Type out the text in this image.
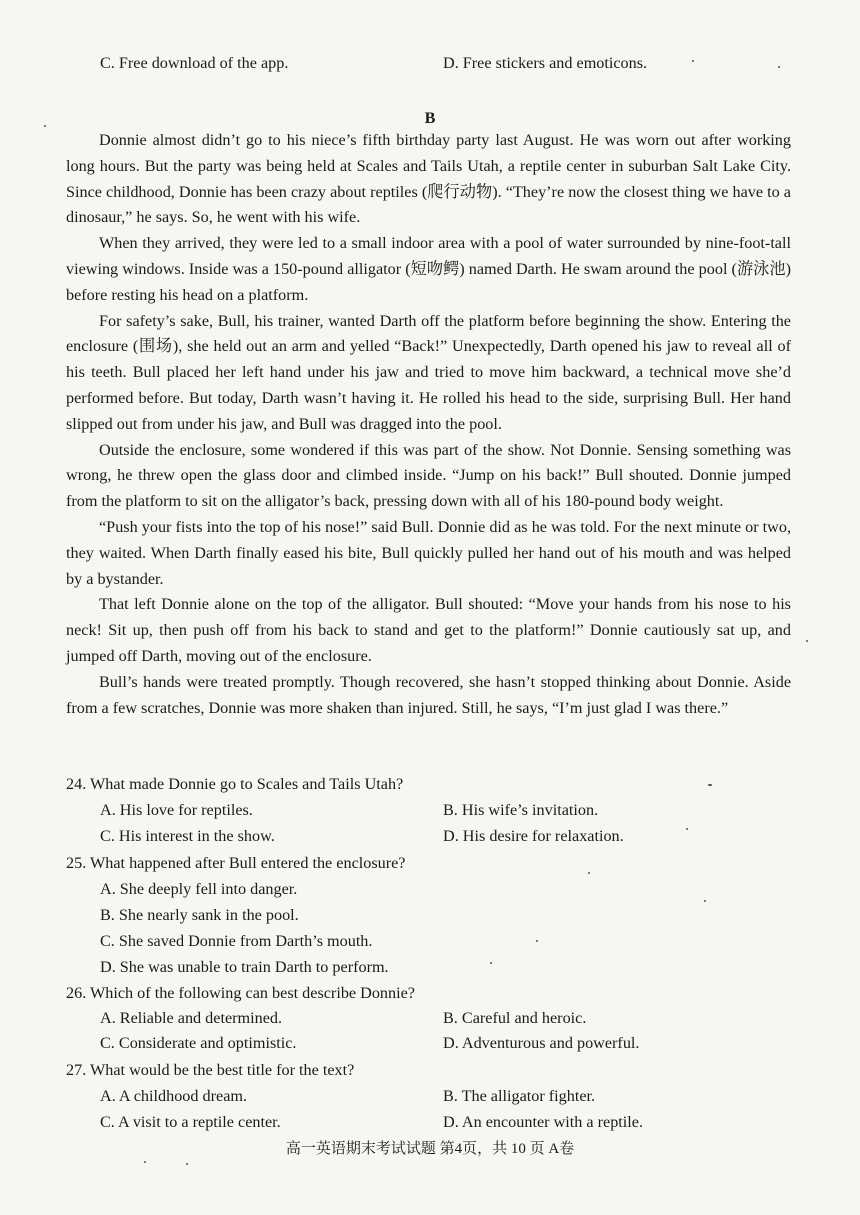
C. Free download of the app.	D. Free stickers and emoticons.
B

Donnie almost didn’t go to his niece’s fifth birthday party last August. He was worn out after working long hours. But the party was being held at Scales and Tails Utah, a reptile center in suburban Salt Lake City. Since childhood, Donnie has been crazy about reptiles (爬行动物). “They’re now the closest thing we have to a dinosaur,” he says. So, he went with his wife.

When they arrived, they were led to a small indoor area with a pool of water surrounded by nine-foot-tall viewing windows. Inside was a 150-pound alligator (短吻鳄) named Darth. He swam around the pool (游泳池) before resting his head on a platform.

For safety’s sake, Bull, his trainer, wanted Darth off the platform before beginning the show. Entering the enclosure (围场), she held out an arm and yelled “Back!” Unexpectedly, Darth opened his jaw to reveal all of his teeth. Bull placed her left hand under his jaw and tried to move him backward, a technical move she’d performed before. But today, Darth wasn’t having it. He rolled his head to the side, surprising Bull. Her hand slipped out from under his jaw, and Bull was dragged into the pool.

Outside the enclosure, some wondered if this was part of the show. Not Donnie. Sensing something was wrong, he threw open the glass door and climbed inside. “Jump on his back!” Bull shouted. Donnie jumped from the platform to sit on the alligator’s back, pressing down with all of his 180-pound body weight.

“Push your fists into the top of his nose!” said Bull. Donnie did as he was told. For the next minute or two, they waited. When Darth finally eased his bite, Bull quickly pulled her hand out of his mouth and was helped by a bystander.

That left Donnie alone on the top of the alligator. Bull shouted: “Move your hands from his nose to his neck! Sit up, then push off from his back to stand and get to the platform!” Donnie cautiously sat up, and jumped off Darth, moving out of the enclosure.

Bull’s hands were treated promptly. Though recovered, she hasn’t stopped thinking about Donnie. Aside from a few scratches, Donnie was more shaken than injured. Still, he says, “I’m just glad I was there.”

24. What made Donnie go to Scales and Tails Utah?
A. His love for reptiles.	B. His wife’s invitation.
C. His interest in the show.	D. His desire for relaxation.
25. What happened after Bull entered the enclosure?
A. She deeply fell into danger.
B. She nearly sank in the pool.
C. She saved Donnie from Darth’s mouth.
D. She was unable to train Darth to perform.
26. Which of the following can best describe Donnie?
A. Reliable and determined.	B. Careful and heroic.
C. Considerate and optimistic.	D. Adventurous and powerful.
27. What would be the best title for the text?
A. A childhood dream.	B. The alligator fighter.
C. A visit to a reptile center.	D. An encounter with a reptile.
高一英语期末考试试题 第4页，共 10 页 A卷
